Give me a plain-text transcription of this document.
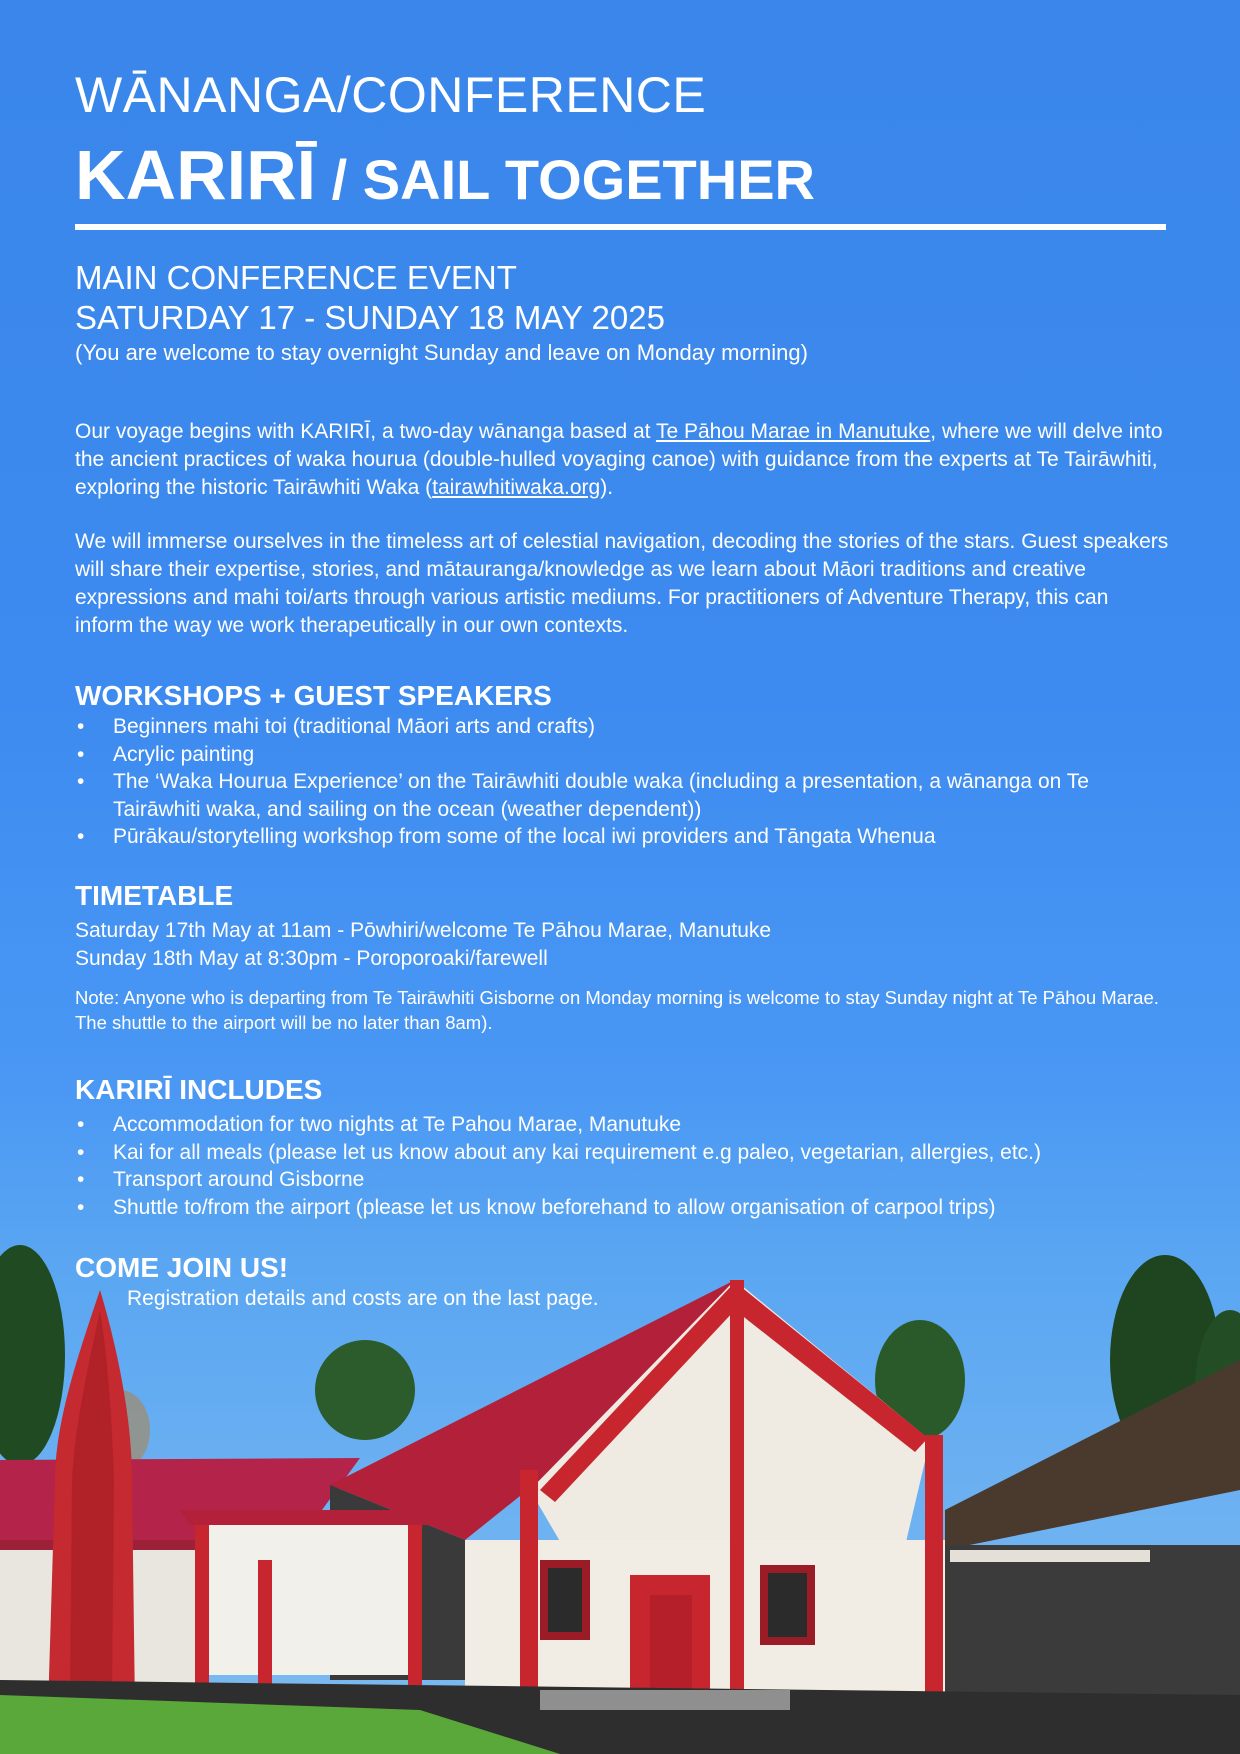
WĀNANGA/CONFERENCE
KARIRĪ / SAIL TOGETHER
MAIN CONFERENCE EVENT
SATURDAY 17 - SUNDAY 18 MAY 2025
(You are welcome to stay overnight Sunday and leave on Monday morning)

Our voyage begins with KARIRĪ, a two-day wānanga based at Te Pāhou Marae in Manutuke, where we will delve into the ancient practices of waka hourua (double-hulled voyaging canoe) with guidance from the experts at Te Tairāwhiti, exploring the historic Tairāwhiti Waka (tairawhitiwaka.org).

We will immerse ourselves in the timeless art of celestial navigation, decoding the stories of the stars. Guest speakers will share their expertise, stories, and mātauranga/knowledge as we learn about Māori traditions and creative expressions and mahi toi/arts through various artistic mediums. For practitioners of Adventure Therapy, this can inform the way we work therapeutically in our own contexts.

WORKSHOPS + GUEST SPEAKERS
• Beginners mahi toi (traditional Māori arts and crafts)
• Acrylic painting
• The ‘Waka Hourua Experience’ on the Tairāwhiti double waka (including a presentation, a wānanga on Te Tairāwhiti waka, and sailing on the ocean (weather dependent))
• Pūrākau/storytelling workshop from some of the local iwi providers and Tāngata Whenua
TIMETABLE
Saturday 17th May at 11am - Pōwhiri/welcome Te Pāhou Marae, Manutuke
Sunday 18th May at 8:30pm - Poroporoaki/farewell
Note: Anyone who is departing from Te Tairāwhiti Gisborne on Monday morning is welcome to stay Sunday night at Te Pāhou Marae. The shuttle to the airport will be no later than 8am).
KARIRĪ INCLUDES
• Accommodation for two nights at Te Pahou Marae, Manutuke
• Kai for all meals (please let us know about any kai requirement e.g paleo, vegetarian, allergies, etc.)
• Transport around Gisborne
• Shuttle to/from the airport (please let us know beforehand to allow organisation of carpool trips)
COME JOIN US!
Registration details and costs are on the last page.
